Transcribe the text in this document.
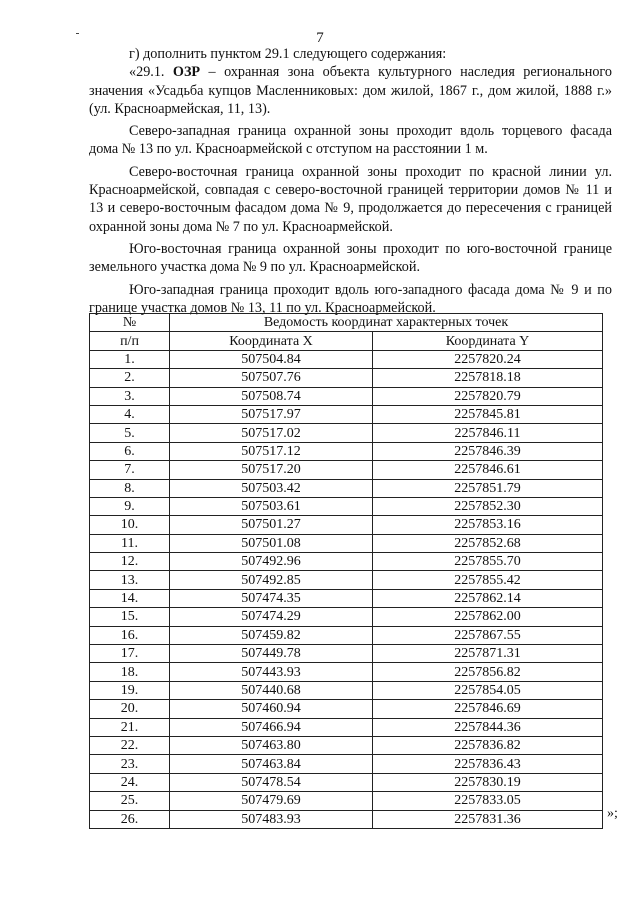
7

г) дополнить пунктом 29.1 следующего содержания:

«29.1. ОЗР – охранная зона объекта культурного наследия регионального значения «Усадьба купцов Масленниковых: дом жилой, 1867 г., дом жилой, 1888 г.» (ул. Красноармейская, 11, 13).

Северо-западная граница охранной зоны проходит вдоль торцевого фасада дома № 13 по ул. Красноармейской с отступом на расстоянии 1 м.

Северо-восточная граница охранной зоны проходит по красной линии ул. Красноармейской, совпадая с северо-восточной границей территории домов № 11 и 13 и северо-восточным фасадом дома № 9, продолжается до пересечения с границей охранной зоны дома № 7 по ул. Красноармейской.

Юго-восточная граница охранной зоны проходит по юго-восточной границе земельного участка дома № 9 по ул. Красноармейской.

Юго-западная граница проходит вдоль юго-западного фасада дома № 9 и по границе участка домов № 13, 11 по ул. Красноармейской.

№	Ведомость координат характерных точек	
п/п	Координата X	Координата Y
1.	507504.84	2257820.24
2.	507507.76	2257818.18
3.	507508.74	2257820.79
4.	507517.97	2257845.81
5.	507517.02	2257846.11
6.	507517.12	2257846.39
7.	507517.20	2257846.61
8.	507503.42	2257851.79
9.	507503.61	2257852.30
10.	507501.27	2257853.16
11.	507501.08	2257852.68
12.	507492.96	2257855.70
13.	507492.85	2257855.42
14.	507474.35	2257862.14
15.	507474.29	2257862.00
16.	507459.82	2257867.55
17.	507449.78	2257871.31
18.	507443.93	2257856.82
19.	507440.68	2257854.05
20.	507460.94	2257846.69
21.	507466.94	2257844.36
22.	507463.80	2257836.82
23.	507463.84	2257836.43
24.	507478.54	2257830.19
25.	507479.69	2257833.05
26.	507483.93	2257831.36	»;
